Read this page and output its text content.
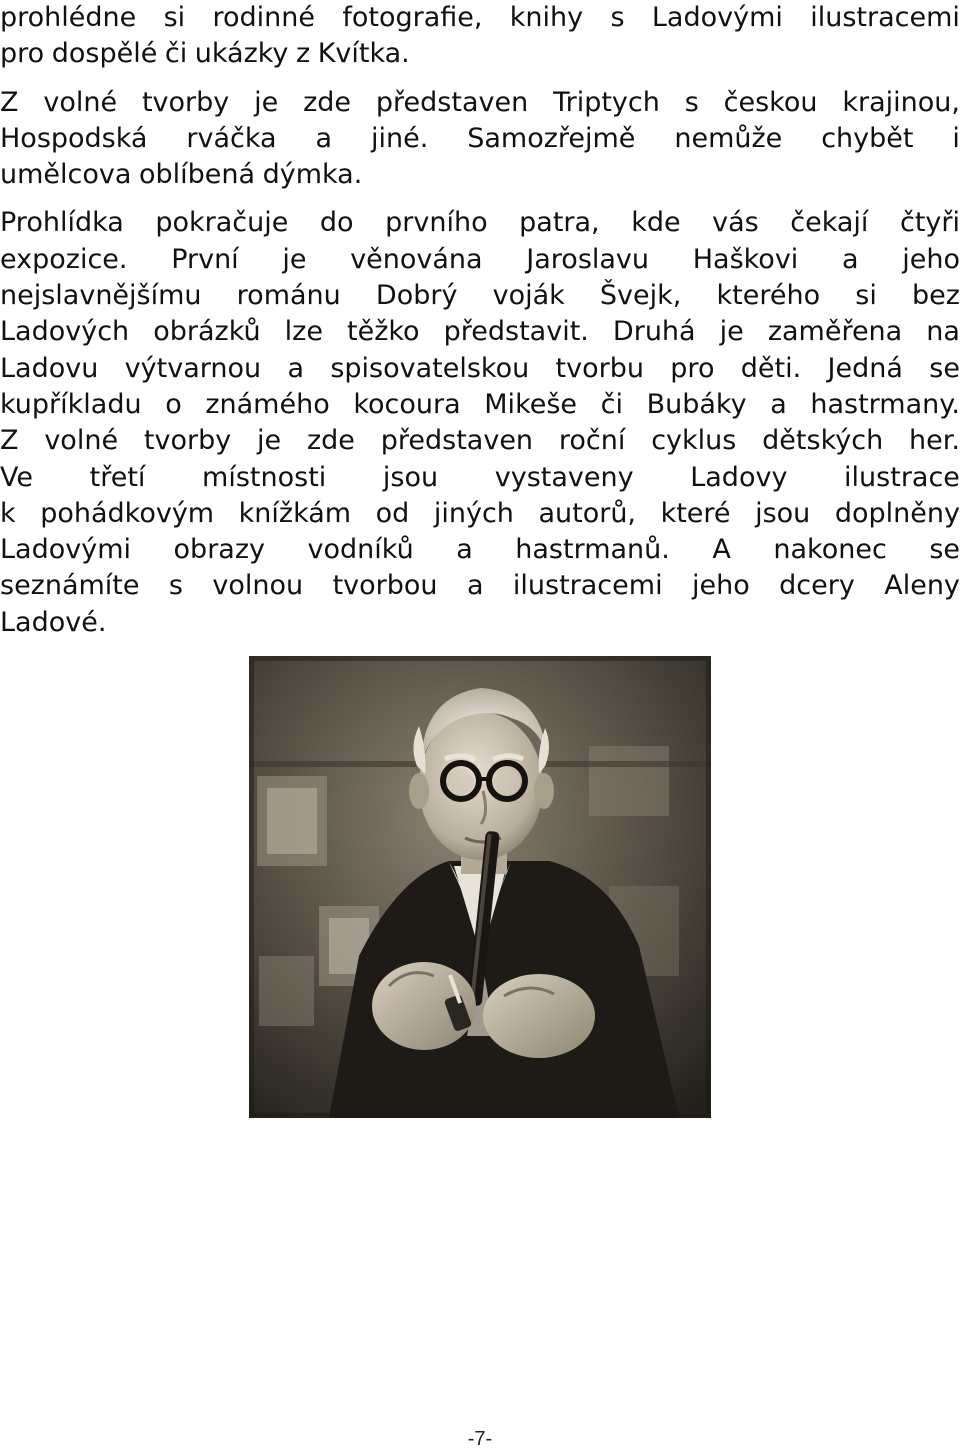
prohlédne si rodinné fotografie, knihy s Ladovými ilustracemi
pro dospělé či ukázky z Kvítka.
Z volné tvorby je zde představen Triptych s českou krajinou,
Hospodská rváčka a jiné. Samozřejmě nemůže chybět i
umělcova oblíbená dýmka.
Prohlídka pokračuje do prvního patra, kde vás čekají čtyři
expozice. První je věnována Jaroslavu Haškovi a jeho
nejslavnějšímu románu Dobrý voják Švejk, kterého si bez
Ladových obrázků lze těžko představit. Druhá je zaměřena na
Ladovu výtvarnou a spisovatelskou tvorbu pro děti. Jedná se
kupříkladu o známého kocoura Mikeše či Bubáky a hastrmany.
Z volné tvorby je zde představen roční cyklus dětských her.
Ve třetí místnosti jsou vystaveny Ladovy ilustrace
k pohádkovým knížkám od jiných autorů, které jsou doplněny
Ladovými obrazy vodníků a hastrmanů. A nakonec se
seznámíte s volnou tvorbou a ilustracemi jeho dcery Aleny
Ladové.
-7-
